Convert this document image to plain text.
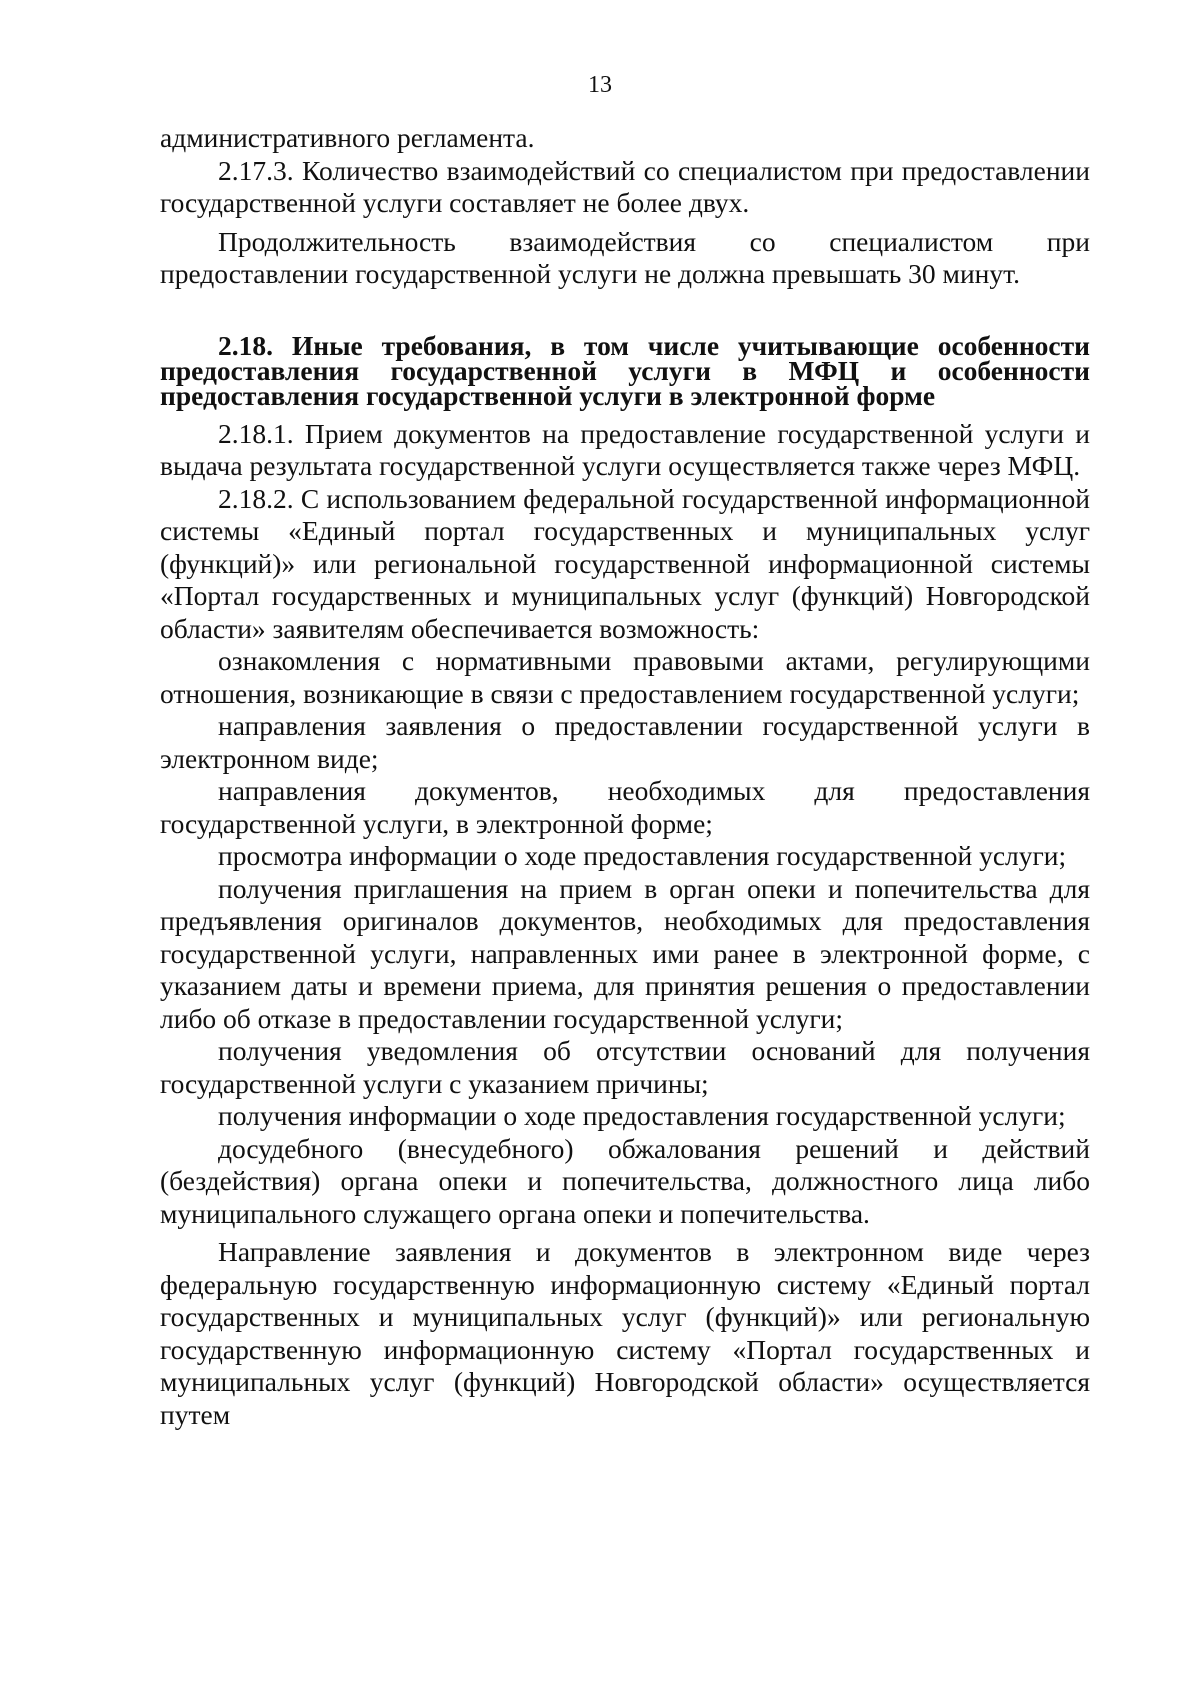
13

административного регламента.

2.17.3. Количество взаимодействий со специалистом при предоставлении государственной услуги составляет не более двух.

Продолжительность взаимодействия со специалистом при предоставлении государственной услуги не должна превышать 30 минут.

2.18. Иные требования, в том числе учитывающие особенности предоставления государственной услуги в МФЦ и особенности предоставления государственной услуги в электронной форме

2.18.1. Прием документов на предоставление государственной услуги и выдача результата государственной услуги осуществляется также через МФЦ.

2.18.2. С использованием федеральной государственной информационной системы «Единый портал государственных и муниципальных услуг (функций)» или региональной государственной информационной системы «Портал государственных и муниципальных услуг (функций) Новгородской области» заявителям обеспечивается возможность:

ознакомления с нормативными правовыми актами, регулирующими отношения, возникающие в связи с предоставлением государственной услуги;

направления заявления о предоставлении государственной услуги в электронном виде;

направления документов, необходимых для предоставления государственной услуги, в электронной форме;

просмотра информации о ходе предоставления государственной услуги;

получения приглашения на прием в орган опеки и попечительства для предъявления оригиналов документов, необходимых для предоставления государственной услуги, направленных ими ранее в электронной форме, с указанием даты и времени приема, для принятия решения о предоставлении либо об отказе в предоставлении государственной услуги;

получения уведомления об отсутствии оснований для получения государственной услуги с указанием причины;

получения информации о ходе предоставления государственной услуги;

досудебного (внесудебного) обжалования решений и действий (бездействия) органа опеки и попечительства, должностного лица либо муниципального служащего органа опеки и попечительства.

Направление заявления и документов в электронном виде через федеральную государственную информационную систему «Единый портал государственных и муниципальных услуг (функций)» или региональную государственную информационную систему «Портал государственных и муниципальных услуг (функций) Новгородской области» осуществляется путем
